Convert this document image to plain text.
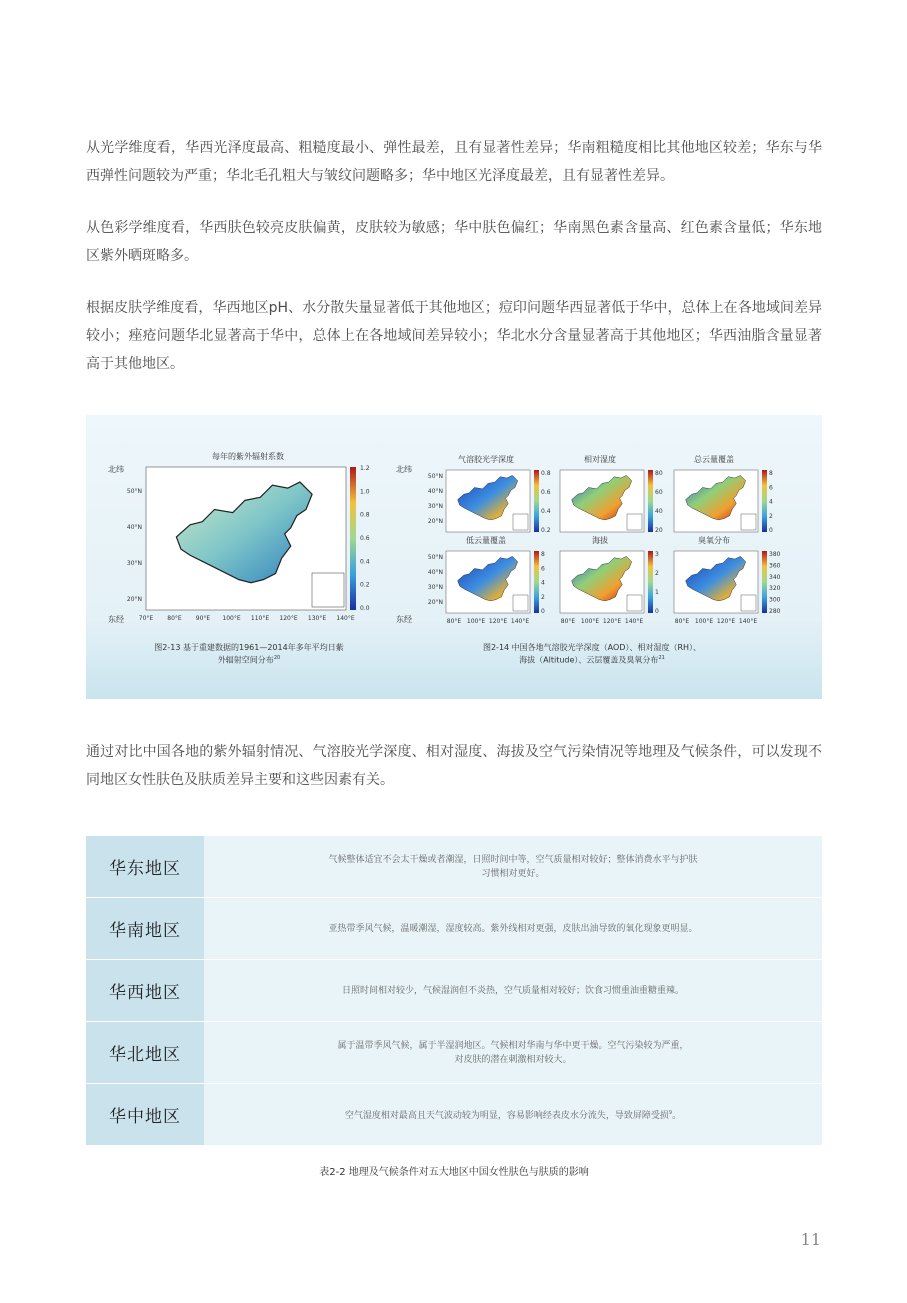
从光学维度看，华西光泽度最高、粗糙度最小、弹性最差，且有显著性差异；华南粗糙度相比其他地区较差；华东与华西弹性问题较为严重；华北毛孔粗大与皱纹问题略多；华中地区光泽度最差，且有显著性差异。

从色彩学维度看，华西肤色较亮皮肤偏黄，皮肤较为敏感；华中肤色偏红；华南黑色素含量高、红色素含量低；华东地区紫外晒斑略多。

根据皮肤学维度看，华西地区pH、水分散失量显著低于其他地区；痘印问题华西显著低于华中，总体上在各地域间差异较小；痤疮问题华北显著高于华中，总体上在各地域间差异较小；华北水分含量显著高于其他地区；华西油脂含量显著高于其他地区。

每年的紫外辐射系数
北纬
50°N
40°N
30°N
20°N
70°E 80°E 90°E 100°E 110°E 120°E 130°E 140°E
1.2
1.0
0.8
0.6
0.4
0.2
0.0
东经
北纬
东经
气溶胶光学深度
0.8
0.6
0.4
0.2
50°N
40°N
30°N
20°N
相对湿度
80
60
40
20
总云量覆盖
8
6
4
2
0
低云量覆盖
8
6
4
2
0
50°N
40°N
30°N
20°N
80°E 100°E 120°E 140°E
海拔
3
2
1
0
80°E 100°E 120°E 140°E
臭氧分布
380
360
340
320
300
280
80°E 100°E 120°E 140°E
图2-13 基于重建数据的1961—2014年多年平均日紫
外辐射空间分布$^{20}$
图2-14 中国各地气溶胶光学深度（AOD）、相对湿度（RH）、
海拔（Altitude）、云层覆盖及臭氧分布$^{21}$

通过对比中国各地的紫外辐射情况、气溶胶光学深度、相对湿度、海拔及空气污染情况等地理及气候条件，可以发现不同地区女性肤色及肤质差异主要和这些因素有关。

华东地区	气候整体适宜不会太干燥或者潮湿，日照时间中等，空气质量相对较好；整体消费水平与护肤
习惯相对更好。
华南地区	亚热带季风气候，温暖潮湿，湿度较高。紫外线相对更强，皮肤出油导致的氧化现象更明显。
华西地区	日照时间相对较少，气候湿润但不炎热，空气质量相对较好；饮食习惯重油重糖重辣。
华北地区	属于温带季风气候，属于半湿润地区。气候相对华南与华中更干燥。空气污染较为严重，
对皮肤的潜在刺激相对较大。
华中地区	空气湿度相对最高且天气波动较为明显，容易影响经表皮水分流失，导致屏障受损$^9$。
表2-2 地理及气候条件对五大地区中国女性肤色与肤质的影响
11
